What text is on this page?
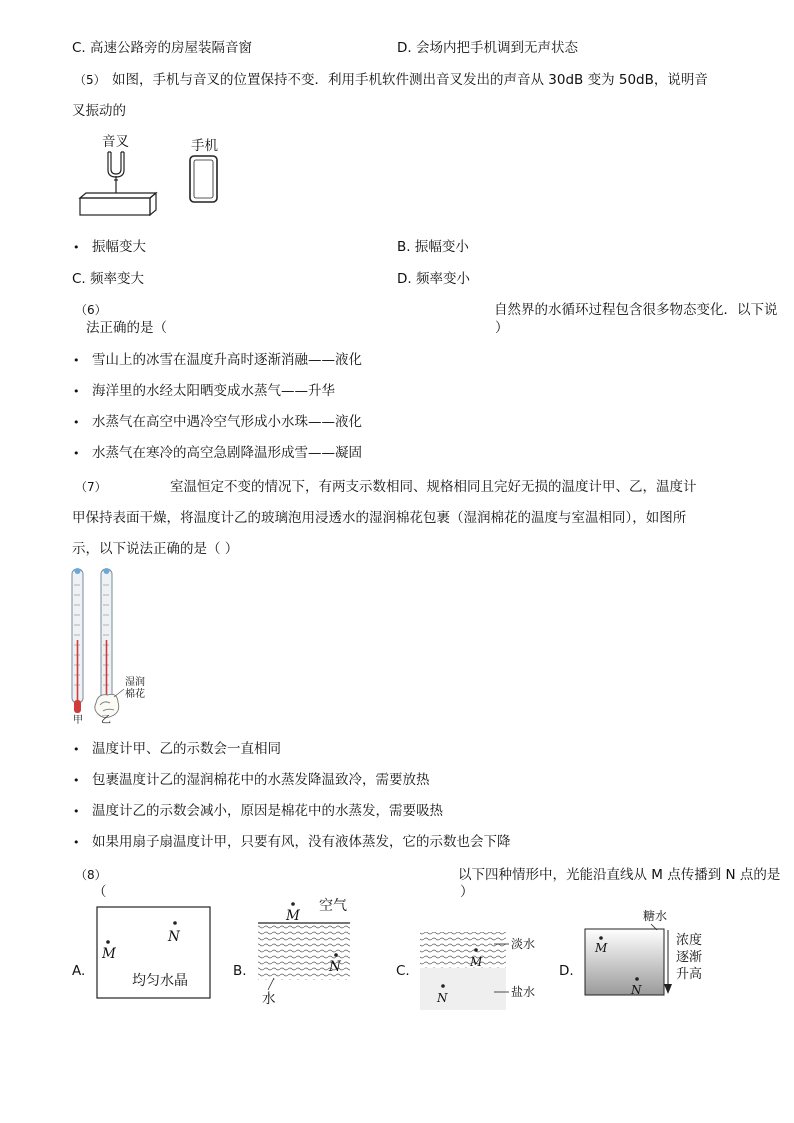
C. 高速公路旁的房屋装隔音窗	D. 会场内把手机调到无声状态
（5） 如图，手机与音叉的位置保持不变．利用手机软件测出音叉发出的声音从 30dB 变为 50dB，说明音
叉振动的
音叉	手机
• 振幅变大	B. 振幅变小
C. 频率变大	D. 频率变小
（6）	自然界的水循环过程包含很多物态变化．以下说
法正确的是（	）
• 雪山上的冰雪在温度升高时逐渐消融——液化
• 海洋里的水经太阳晒变成水蒸气——升华
• 水蒸气在高空中遇冷空气形成小水珠——液化
• 水蒸气在寒冷的高空急剧降温形成雪——凝固
（7）	室温恒定不变的情况下，有两支示数相同、规格相同且完好无损的温度计甲、乙，温度计
甲保持表面干燥，将温度计乙的玻璃泡用浸透水的湿润棉花包裹（湿润棉花的温度与室温相同），如图所
示，以下说法正确的是（ ）
湿润
棉花
甲 乙
• 温度计甲、乙的示数会一直相同
• 包裹温度计乙的湿润棉花中的水蒸发降温致冷，需要放热
• 温度计乙的示数会减小，原因是棉花中的水蒸发，需要吸热
• 如果用扇子扇温度计甲，只要有风，没有液体蒸发，它的示数也会下降
（8）	以下四种情形中，光能沿直线从 M 点传播到 N 点的是
（	）
A.
N
M
均匀水晶
B.
M
空气
N
水
C.
淡水
M
N	盐水
D.
糖水
M
N
浓度
逐渐
升高
